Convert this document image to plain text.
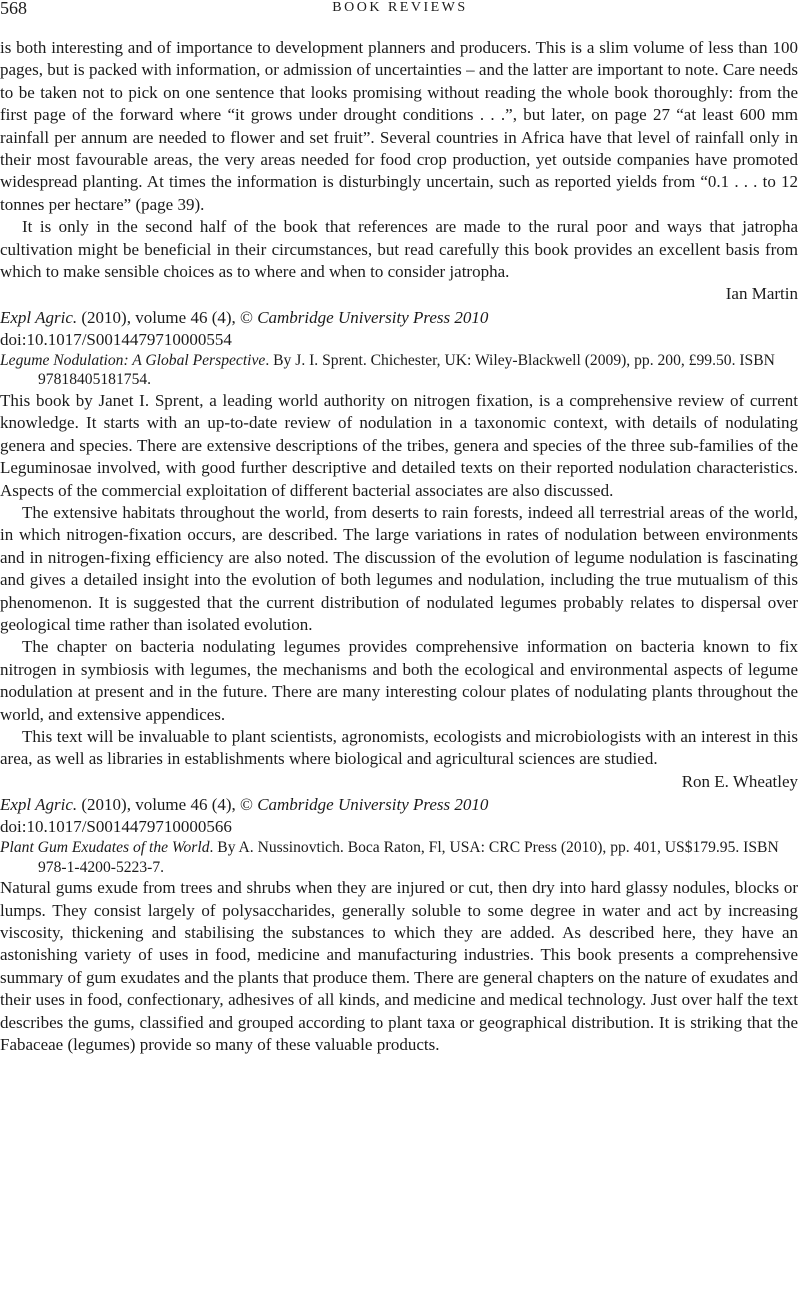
568	BOOK REVIEWS

is both interesting and of importance to development planners and producers. This is a slim volume of less than 100 pages, but is packed with information, or admission of uncertainties – and the latter are important to note. Care needs to be taken not to pick on one sentence that looks promising without reading the whole book thoroughly: from the first page of the forward where “it grows under drought conditions . . .”, but later, on page 27 “at least 600 mm rainfall per annum are needed to flower and set fruit”. Several countries in Africa have that level of rainfall only in their most favourable areas, the very areas needed for food crop production, yet outside companies have promoted widespread planting. At times the information is disturbingly uncertain, such as reported yields from “0.1 . . . to 12 tonnes per hectare” (page 39).

It is only in the second half of the book that references are made to the rural poor and ways that jatropha cultivation might be beneficial in their circumstances, but read carefully this book provides an excellent basis from which to make sensible choices as to where and when to consider jatropha.

Ian Martin

Expl Agric. (2010), volume 46 (4), © Cambridge University Press 2010

doi:10.1017/S0014479710000554

Legume Nodulation: A Global Perspective. By J. I. Sprent. Chichester, UK: Wiley-Blackwell (2009), pp. 200, £99.50. ISBN 97818405181754.

This book by Janet I. Sprent, a leading world authority on nitrogen fixation, is a comprehensive review of current knowledge. It starts with an up-to-date review of nodulation in a taxonomic context, with details of nodulating genera and species. There are extensive descriptions of the tribes, genera and species of the three sub-families of the Leguminosae involved, with good further descriptive and detailed texts on their reported nodulation characteristics. Aspects of the commercial exploitation of different bacterial associates are also discussed.

The extensive habitats throughout the world, from deserts to rain forests, indeed all terrestrial areas of the world, in which nitrogen-fixation occurs, are described. The large variations in rates of nodulation between environments and in nitrogen-fixing efficiency are also noted. The discussion of the evolution of legume nodulation is fascinating and gives a detailed insight into the evolution of both legumes and nodulation, including the true mutualism of this phenomenon. It is suggested that the current distribution of nodulated legumes probably relates to dispersal over geological time rather than isolated evolution.

The chapter on bacteria nodulating legumes provides comprehensive information on bacteria known to fix nitrogen in symbiosis with legumes, the mechanisms and both the ecological and environmental aspects of legume nodulation at present and in the future. There are many interesting colour plates of nodulating plants throughout the world, and extensive appendices.

This text will be invaluable to plant scientists, agronomists, ecologists and microbiologists with an interest in this area, as well as libraries in establishments where biological and agricultural sciences are studied.

Ron E. Wheatley

Expl Agric. (2010), volume 46 (4), © Cambridge University Press 2010

doi:10.1017/S0014479710000566

Plant Gum Exudates of the World. By A. Nussinovtich. Boca Raton, Fl, USA: CRC Press (2010), pp. 401, US$179.95. ISBN 978-1-4200-5223-7.

Natural gums exude from trees and shrubs when they are injured or cut, then dry into hard glassy nodules, blocks or lumps. They consist largely of polysaccharides, generally soluble to some degree in water and act by increasing viscosity, thickening and stabilising the substances to which they are added. As described here, they have an astonishing variety of uses in food, medicine and manufacturing industries. This book presents a comprehensive summary of gum exudates and the plants that produce them. There are general chapters on the nature of exudates and their uses in food, confectionary, adhesives of all kinds, and medicine and medical technology. Just over half the text describes the gums, classified and grouped according to plant taxa or geographical distribution. It is striking that the Fabaceae (legumes) provide so many of these valuable products.
